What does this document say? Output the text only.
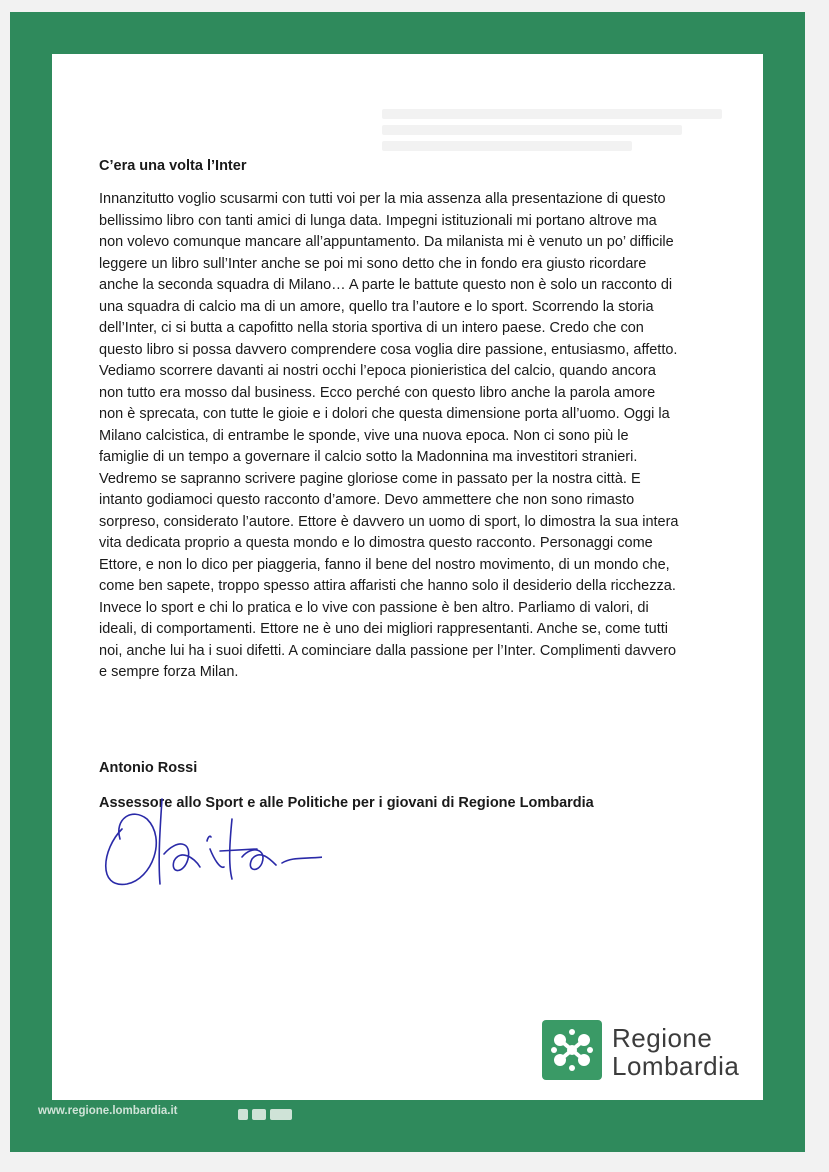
C’era una volta l’Inter
Innanzitutto voglio scusarmi con tutti voi per la mia assenza alla presentazione di questo
bellissimo libro con tanti amici di lunga data. Impegni istituzionali mi portano altrove ma
non volevo comunque mancare all’appuntamento. Da milanista mi è venuto un po’ difficile
leggere un libro sull’Inter anche se poi mi sono detto che in fondo era giusto ricordare
anche la seconda squadra di Milano… A parte le battute questo non è solo un racconto di
una squadra di calcio ma di un amore, quello tra l’autore e lo sport. Scorrendo la storia
dell’Inter, ci si butta a capofitto nella storia sportiva di un intero paese. Credo che con
questo libro si possa davvero comprendere cosa voglia dire passione, entusiasmo, affetto.
Vediamo scorrere davanti ai nostri occhi l’epoca pionieristica del calcio, quando ancora
non tutto era mosso dal business. Ecco perché con questo libro anche la parola amore
non è sprecata, con tutte le gioie e i dolori che questa dimensione porta all’uomo. Oggi la
Milano calcistica, di entrambe le sponde, vive una nuova epoca. Non ci sono più le
famiglie di un tempo a governare il calcio sotto la Madonnina ma investitori stranieri.
Vedremo se sapranno scrivere pagine gloriose come in passato per la nostra città. E
intanto godiamoci questo racconto d’amore. Devo ammettere che non sono rimasto
sorpreso, considerato l’autore. Ettore è davvero un uomo di sport, lo dimostra la sua intera
vita dedicata proprio a questa mondo e lo dimostra questo racconto. Personaggi come
Ettore, e non lo dico per piaggeria, fanno il bene del nostro movimento, di un mondo che,
come ben sapete, troppo spesso attira affaristi che hanno solo il desiderio della ricchezza.
Invece lo sport e chi lo pratica e lo vive con passione è ben altro. Parliamo di valori, di
ideali, di comportamenti. Ettore ne è uno dei migliori rappresentanti. Anche se, come tutti
noi, anche lui ha i suoi difetti. A cominciare dalla passione per l’Inter. Complimenti davvero
e sempre forza Milan.
Antonio Rossi
Assessore allo Sport e alle Politiche per i giovani di Regione Lombardia
Regione
Lombardia
www.regione.lombardia.it
